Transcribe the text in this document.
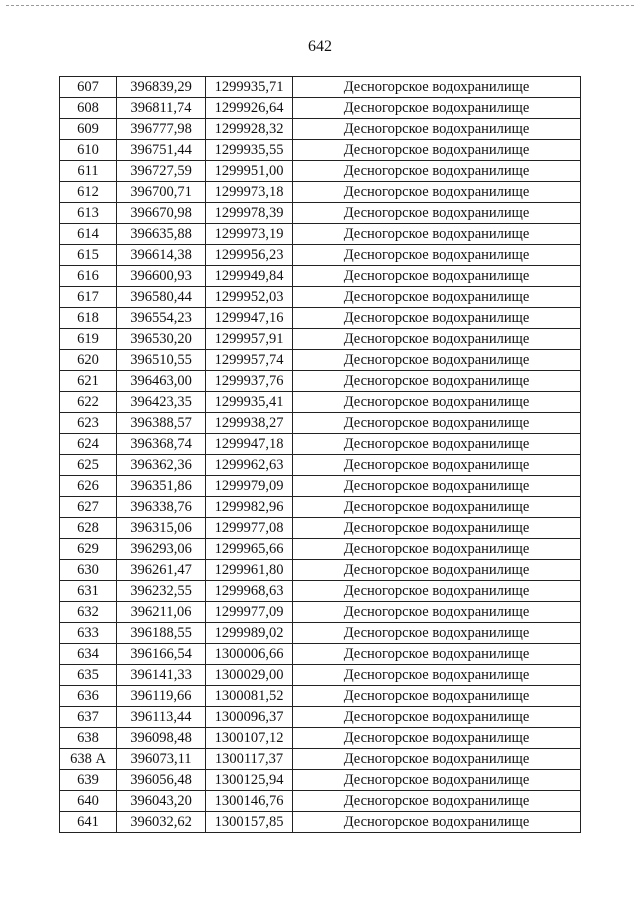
642
607	396839,29	1299935,71	Десногорское водохранилище
608	396811,74	1299926,64	Десногорское водохранилище
609	396777,98	1299928,32	Десногорское водохранилище
610	396751,44	1299935,55	Десногорское водохранилище
611	396727,59	1299951,00	Десногорское водохранилище
612	396700,71	1299973,18	Десногорское водохранилище
613	396670,98	1299978,39	Десногорское водохранилище
614	396635,88	1299973,19	Десногорское водохранилище
615	396614,38	1299956,23	Десногорское водохранилище
616	396600,93	1299949,84	Десногорское водохранилище
617	396580,44	1299952,03	Десногорское водохранилище
618	396554,23	1299947,16	Десногорское водохранилище
619	396530,20	1299957,91	Десногорское водохранилище
620	396510,55	1299957,74	Десногорское водохранилище
621	396463,00	1299937,76	Десногорское водохранилище
622	396423,35	1299935,41	Десногорское водохранилище
623	396388,57	1299938,27	Десногорское водохранилище
624	396368,74	1299947,18	Десногорское водохранилище
625	396362,36	1299962,63	Десногорское водохранилище
626	396351,86	1299979,09	Десногорское водохранилище
627	396338,76	1299982,96	Десногорское водохранилище
628	396315,06	1299977,08	Десногорское водохранилище
629	396293,06	1299965,66	Десногорское водохранилище
630	396261,47	1299961,80	Десногорское водохранилище
631	396232,55	1299968,63	Десногорское водохранилище
632	396211,06	1299977,09	Десногорское водохранилище
633	396188,55	1299989,02	Десногорское водохранилище
634	396166,54	1300006,66	Десногорское водохранилище
635	396141,33	1300029,00	Десногорское водохранилище
636	396119,66	1300081,52	Десногорское водохранилище
637	396113,44	1300096,37	Десногорское водохранилище
638	396098,48	1300107,12	Десногорское водохранилище
638 А	396073,11	1300117,37	Десногорское водохранилище
639	396056,48	1300125,94	Десногорское водохранилище
640	396043,20	1300146,76	Десногорское водохранилище
641	396032,62	1300157,85	Десногорское водохранилище
